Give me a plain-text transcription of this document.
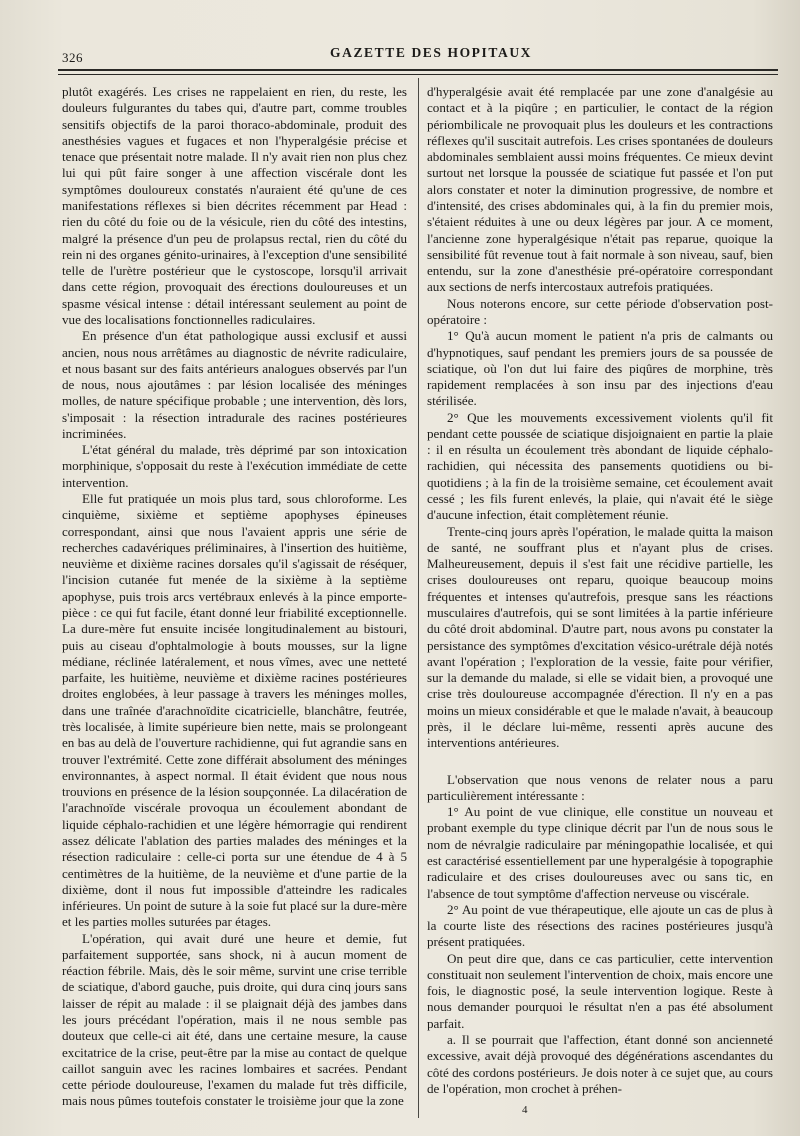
326	GAZETTE DES HOPITAUX

plutôt exagérés. Les crises ne rappelaient en rien, du reste, les douleurs fulgurantes du tabes qui, d'autre part, comme troubles sensitifs objectifs de la paroi thoraco-abdominale, produit des anesthésies vagues et fugaces et non l'hyperalgésie précise et tenace que présentait notre malade. Il n'y avait rien non plus chez lui qui pût faire songer à une affection viscérale dont les symptômes douloureux constatés n'auraient été qu'une de ces manifestations réflexes si bien décrites récemment par Head : rien du côté du foie ou de la vésicule, rien du côté des intestins, malgré la présence d'un peu de prolapsus rectal, rien du côté du rein ni des organes génito-urinaires, à l'exception d'une sensibilité telle de l'urètre postérieur que le cystoscope, lorsqu'il arrivait dans cette région, provoquait des érections douloureuses et un spasme vésical intense : détail intéressant seulement au point de vue des localisations fonctionnelles radiculaires.

En présence d'un état pathologique aussi exclusif et aussi ancien, nous nous arrêtâmes au diagnostic de névrite radiculaire, et nous basant sur des faits antérieurs analogues observés par l'un de nous, nous ajoutâmes : par lésion localisée des méninges molles, de nature spécifique probable ; une intervention, dès lors, s'imposait : la résection intradurale des racines postérieures incriminées.

L'état général du malade, très déprimé par son intoxication morphinique, s'opposait du reste à l'exécution immédiate de cette intervention.

Elle fut pratiquée un mois plus tard, sous chloroforme. Les cinquième, sixième et septième apophyses épineuses correspondant, ainsi que nous l'avaient appris une série de recherches cadavériques préliminaires, à l'insertion des huitième, neuvième et dixième racines dorsales qu'il s'agissait de réséquer, l'incision cutanée fut menée de la sixième à la septième apophyse, puis trois arcs vertébraux enlevés à la pince emporte-pièce : ce qui fut facile, étant donné leur friabilité exceptionnelle. La dure-mère fut ensuite incisée longitudinalement au bistouri, puis au ciseau d'ophtalmologie à bouts mousses, sur la ligne médiane, réclinée latéralement, et nous vîmes, avec une netteté parfaite, les huitième, neuvième et dixième racines postérieures droites englobées, à leur passage à travers les méninges molles, dans une traînée d'arachnoïdite cicatricielle, blanchâtre, feutrée, très localisée, à limite supérieure bien nette, mais se prolongeant en bas au delà de l'ouverture rachidienne, qui fut agrandie sans en trouver l'extrémité. Cette zone différait absolument des méninges environnantes, à aspect normal. Il était évident que nous nous trouvions en présence de la lésion soupçonnée. La dilacération de l'arachnoïde viscérale provoqua un écoulement abondant de liquide céphalo-rachidien et une légère hémorragie qui rendirent assez délicate l'ablation des parties malades des méninges et la résection radiculaire : celle-ci porta sur une étendue de 4 à 5 centimètres de la huitième, de la neuvième et d'une partie de la dixième, dont il nous fut impossible d'atteindre les radicales inférieures. Un point de suture à la soie fut placé sur la dure-mère et les parties molles suturées par étages.

L'opération, qui avait duré une heure et demie, fut parfaitement supportée, sans shock, ni à aucun moment de réaction fébrile. Mais, dès le soir même, survint une crise terrible de sciatique, d'abord gauche, puis droite, qui dura cinq jours sans laisser de répit au malade : il se plaignait déjà des jambes dans les jours précédant l'opération, mais il ne nous semble pas douteux que celle-ci ait été, dans une certaine mesure, la cause excitatrice de la crise, peut-être par la mise au contact de quelque caillot sanguin avec les racines lombaires et sacrées. Pendant cette période douloureuse, l'examen du malade fut très difficile, mais nous pûmes toutefois constater le troisième jour que la zone

d'hyperalgésie avait été remplacée par une zone d'analgésie au contact et à la piqûre ; en particulier, le contact de la région périombilicale ne provoquait plus les douleurs et les contractions réflexes qu'il suscitait autrefois. Les crises spontanées de douleurs abdominales semblaient aussi moins fréquentes. Ce mieux devint surtout net lorsque la poussée de sciatique fut passée et l'on put alors constater et noter la diminution progressive, de nombre et d'intensité, des crises abdominales qui, à la fin du premier mois, s'étaient réduites à une ou deux légères par jour. A ce moment, l'ancienne zone hyperalgésique n'était pas reparue, quoique la sensibilité fût revenue tout à fait normale à son niveau, sauf, bien entendu, sur la zone d'anesthésie pré-opératoire correspondant aux sections de nerfs intercostaux autrefois pratiquées.

Nous noterons encore, sur cette période d'observation post-opératoire :

1° Qu'à aucun moment le patient n'a pris de calmants ou d'hypnotiques, sauf pendant les premiers jours de sa poussée de sciatique, où l'on dut lui faire des piqûres de morphine, très rapidement remplacées à son insu par des injections d'eau stérilisée.

2° Que les mouvements excessivement violents qu'il fit pendant cette poussée de sciatique disjoignaient en partie la plaie : il en résulta un écoulement très abondant de liquide céphalo-rachidien, qui nécessita des pansements quotidiens ou bi-quotidiens ; à la fin de la troisième semaine, cet écoulement avait cessé ; les fils furent enlevés, la plaie, qui n'avait été le siège d'aucune infection, était complètement réunie.

Trente-cinq jours après l'opération, le malade quitta la maison de santé, ne souffrant plus et n'ayant plus de crises. Malheureusement, depuis il s'est fait une récidive partielle, les crises douloureuses ont reparu, quoique beaucoup moins fréquentes et intenses qu'autrefois, presque sans les réactions musculaires d'autrefois, qui se sont limitées à la partie inférieure du côté droit abdominal. D'autre part, nous avons pu constater la persistance des symptômes d'excitation vésico-urétrale déjà notés avant l'opération ; l'exploration de la vessie, faite pour vérifier, sur la demande du malade, si elle se vidait bien, a provoqué une crise très douloureuse accompagnée d'érection. Il n'y en a pas moins un mieux considérable et que le malade n'avait, à beaucoup près, il le déclare lui-même, ressenti après aucune des interventions antérieures.

L'observation que nous venons de relater nous a paru particulièrement intéressante :

1° Au point de vue clinique, elle constitue un nouveau et probant exemple du type clinique décrit par l'un de nous sous le nom de névralgie radiculaire par méningopathie localisée, et qui est caractérisé essentiellement par une hyperalgésie à topographie radiculaire et des crises douloureuses avec ou sans tic, en l'absence de tout symptôme d'affection nerveuse ou viscérale.

2° Au point de vue thérapeutique, elle ajoute un cas de plus à la courte liste des résections des racines postérieures jusqu'à présent pratiquées.

On peut dire que, dans ce cas particulier, cette intervention constituait non seulement l'intervention de choix, mais encore une fois, le diagnostic posé, la seule intervention logique. Reste à nous demander pourquoi le résultat n'en a pas été absolument parfait.

a. Il se pourrait que l'affection, étant donné son ancienneté excessive, avait déjà provoqué des dégénérations ascendantes du côté des cordons postérieurs. Je dois noter à ce sujet que, au cours de l'opération, mon crochet à préhen-

4
